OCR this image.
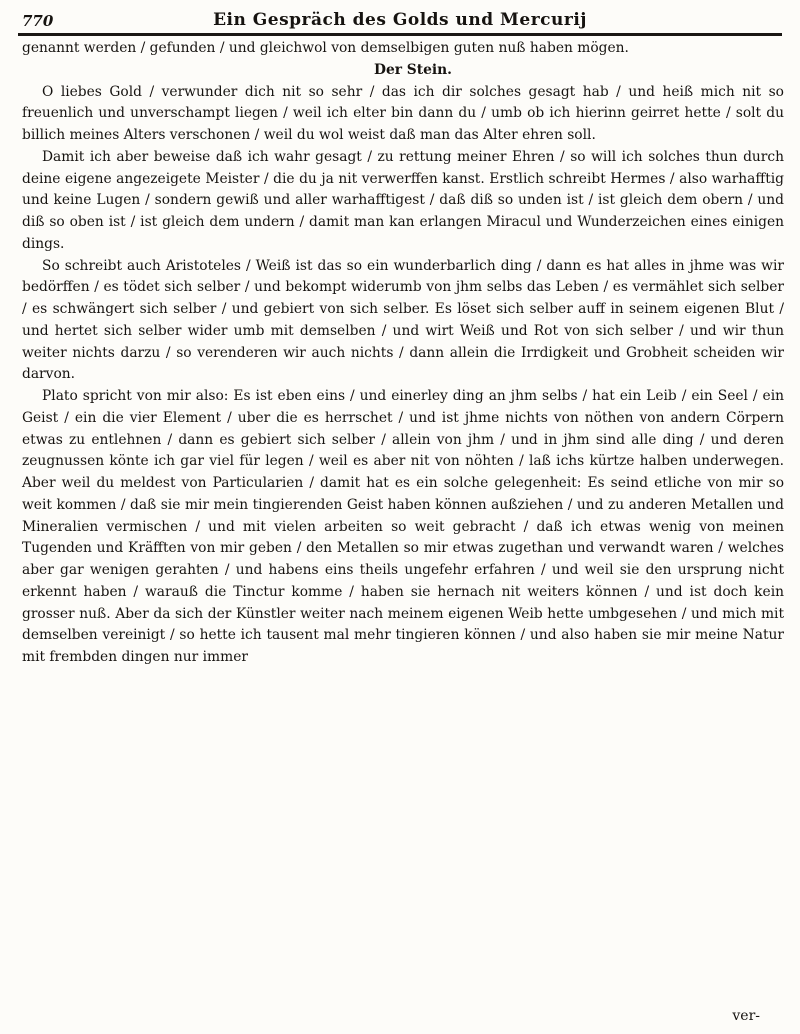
770	Ein Gespräch des Golds und Mercurij

genannt werden / gefunden / und gleichwol von demselbigen guten nuß haben mögen.

Der Stein.

O liebes Gold / verwunder dich nit so sehr / das ich dir solches gesagt hab / und heiß mich nit so freuenlich und unverschampt liegen / weil ich elter bin dann du / umb ob ich hierinn geirret hette / solt du billich meines Alters verschonen / weil du wol weist daß man das Alter ehren soll.

Damit ich aber beweise daß ich wahr gesagt / zu rettung meiner Ehren / so will ich solches thun durch deine eigene angezeigete Meister / die du ja nit verwerffen kanst. Erstlich schreibt Hermes / also warhafftig und keine Lugen / sondern gewiß und aller warhafftigest / daß diß so unden ist / ist gleich dem obern / und diß so oben ist / ist gleich dem undern / damit man kan erlangen Miracul und Wunderzeichen eines einigen dings.

So schreibt auch Aristoteles / Weiß ist das so ein wunderbarlich ding / dann es hat alles in jhme was wir bedörffen / es tödet sich selber / und bekompt widerumb von jhm selbs das Leben / es vermählet sich selber / es schwängert sich selber / und gebiert von sich selber. Es löset sich selber auff in seinem eigenen Blut / und hertet sich selber wider umb mit demselben / und wirt Weiß und Rot von sich selber / und wir thun weiter nichts darzu / so verenderen wir auch nichts / dann allein die Irrdigkeit und Grobheit scheiden wir darvon.

Plato spricht von mir also: Es ist eben eins / und einerley ding an jhm selbs / hat ein Leib / ein Seel / ein Geist / ein die vier Element / uber die es herrschet / und ist jhme nichts von nöthen von andern Cörpern etwas zu entlehnen / dann es gebiert sich selber / allein von jhm / und in jhm sind alle ding / und deren zeugnussen könte ich gar viel für legen / weil es aber nit von nöhten / laß ichs kürtze halben underwegen. Aber weil du meldest von Particularien / damit hat es ein solche gelegenheit: Es seind etliche von mir so weit kommen / daß sie mir mein tingierenden Geist haben können außziehen / und zu anderen Metallen und Mineralien vermischen / und mit vielen arbeiten so weit gebracht / daß ich etwas wenig von meinen Tugenden und Kräfften von mir geben / den Metallen so mir etwas zugethan und verwandt waren / welches aber gar wenigen gerahten / und habens eins theils ungefehr erfahren / und weil sie den ursprung nicht erkennt haben / warauß die Tinctur komme / haben sie hernach nit weiters können / und ist doch kein grosser nuß. Aber da sich der Künstler weiter nach meinem eigenen Weib hette umbgesehen / und mich mit demselben vereinigt / so hette ich tausent mal mehr tingieren können / und also haben sie mir meine Natur mit frembden dingen nur immer

ver-
